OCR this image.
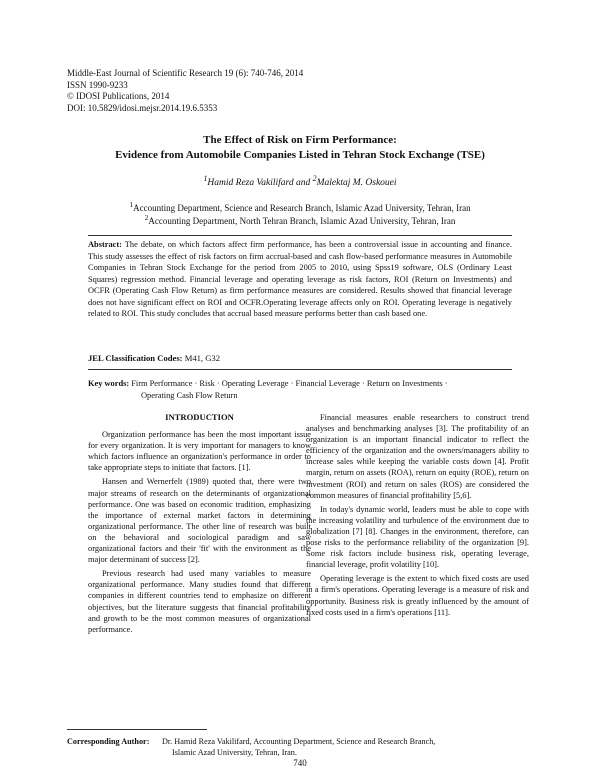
Middle-East Journal of Scientific Research 19 (6): 740-746, 2014
ISSN 1990-9233
© IDOSI Publications, 2014
DOI: 10.5829/idosi.mejsr.2014.19.6.5353
The Effect of Risk on Firm Performance:
Evidence from Automobile Companies Listed in Tehran Stock Exchange (TSE)
$^1$Hamid Reza Vakilifard and $^2$Malektaj M. Oskouei
$^1$Accounting Department, Science and Research Branch, Islamic Azad University, Tehran, Iran
$^2$Accounting Department, North Tehran Branch, Islamic Azad University, Tehran, Iran
Abstract: The debate, on which factors affect firm performance, has been a controversial issue in accounting and finance. This study assesses the effect of risk factors on firm accrual-based and cash flow-based performance measures in Automobile Companies in Tehran Stock Exchange for the period from 2005 to 2010, using Spss19 software, OLS (Ordinary Least Squares) regression method. Financial leverage and operating leverage as risk factors, ROI (Return on Investments) and OCFR (Operating Cash Flow Return) as firm performance measures are considered. Results showed that financial leverage does not have significant effect on ROI and OCFR.Operating leverage affects only on ROI. Operating leverage is negatively related to ROI. This study concludes that accrual based measure performs better than cash based one.
JEL Classification Codes: M41, G32
Key words: Firm Performance · Risk · Operating Leverage · Financial Leverage · Return on Investments ·
Operating Cash Flow Return
INTRODUCTION

Organization performance has been the most important issue for every organization. It is very important for managers to know which factors influence an organization's performance in order to take appropriate steps to initiate that factors. [1].

Hansen and Wernerfelt (1989) quoted that, there were two major streams of research on the determinants of organizational performance. One was based on economic tradition, emphasizing the importance of external market factors in determining organizational performance. The other line of research was built on the behavioral and sociological paradigm and saw organizational factors and their 'fit' with the environment as the major determinant of success [2].

Previous research had used many variables to measure organizational performance. Many studies found that different companies in different countries tend to emphasize on different objectives, but the literature suggests that financial profitability and growth to be the most common measures of organizational performance.

Financial measures enable researchers to construct trend analyses and benchmarking analyses [3]. The profitability of an organization is an important financial indicator to reflect the efficiency of the organization and the owners/managers ability to increase sales while keeping the variable costs down [4]. Profit margin, return on assets (ROA), return on equity (ROE), return on investment (ROI) and return on sales (ROS) are considered the common measures of financial profitability [5,6].

In today's dynamic world, leaders must be able to cope with the increasing volatility and turbulence of the environment due to globalization [7] [8]. Changes in the environment, therefore, can pose risks to the performance reliability of the organization [9]. Some risk factors include business risk, operating leverage, financial leverage, profit volatility [10].

Operating leverage is the extent to which fixed costs are used in a firm's operations. Operating leverage is a measure of risk and opportunity. Business risk is greatly influenced by the amount of fixed costs used in a firm's operations [11].

Corresponding Author: Dr. Hamid Reza Vakilifard, Accounting Department, Science and Research Branch,
Islamic Azad University, Tehran, Iran.
740
